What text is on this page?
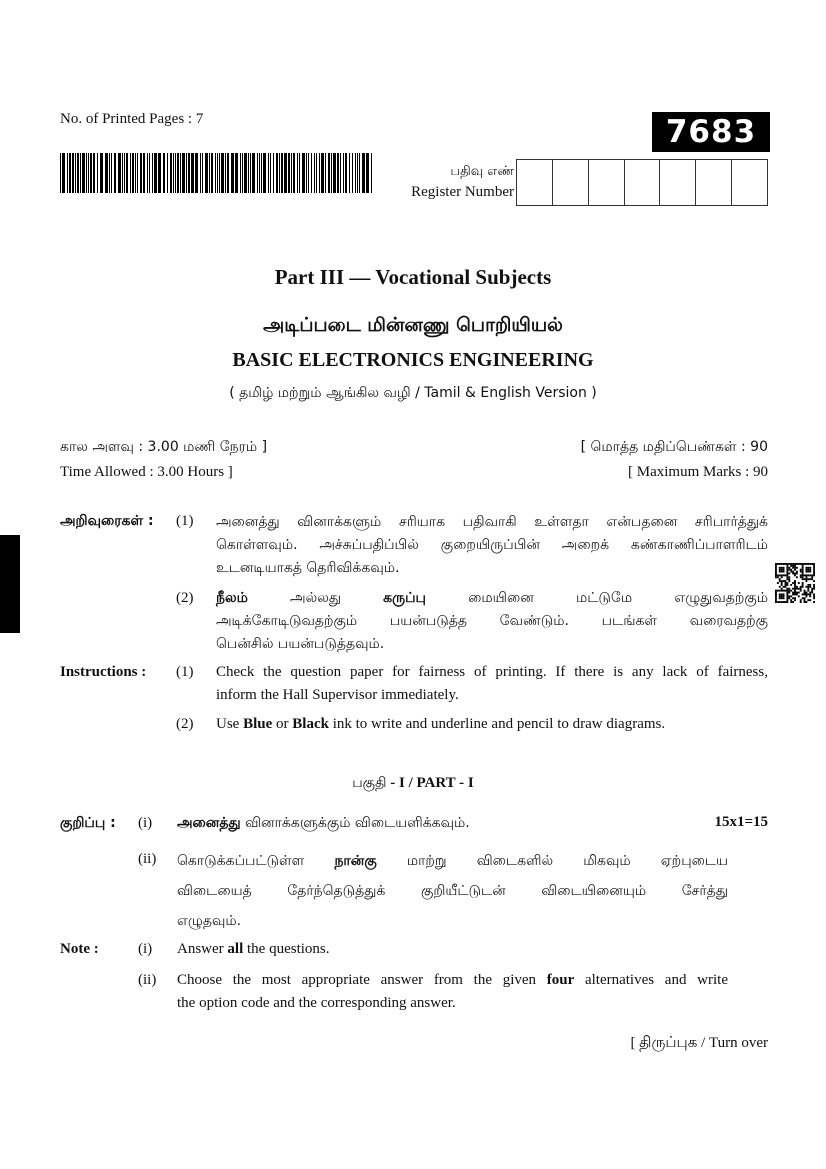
No. of Printed Pages : 7	7683
பதிவு எண்
Register Number
Part III — Vocational Subjects
அடிப்படை மின்னணு பொறியியல்
BASIC ELECTRONICS ENGINEERING
( தமிழ் மற்றும் ஆங்கில வழி / Tamil & English Version )
கால அளவு : 3.00 மணி நேரம் ]
Time Allowed : 3.00 Hours ]
[ மொத்த மதிப்பெண்கள் : 90
[ Maximum Marks : 90
அறிவுரைகள் : (1) அனைத்து வினாக்களும் சரியாக பதிவாகி உள்ளதா என்பதனை சரிபார்த்துக்
கொள்ளவும். அச்சுப்பதிப்பில் குறையிருப்பின் அறைக் கண்காணிப்பாளரிடம்
உடனடியாகத் தெரிவிக்கவும்.
(2) நீலம் அல்லது கருப்பு மையினை மட்டுமே எழுதுவதற்கும்
அடிக்கோடிடுவதற்கும் பயன்படுத்த வேண்டும். படங்கள் வரைவதற்கு
பென்சில் பயன்படுத்தவும்.
Instructions : (1) Check the question paper for fairness of printing. If there is any lack of fairness,
inform the Hall Supervisor immediately.
(2) Use Blue or Black ink to write and underline and pencil to draw diagrams.
பகுதி - I / PART - I
குறிப்பு : (i) அனைத்து வினாக்களுக்கும் விடையளிக்கவும்.	15x1=15
(ii) கொடுக்கப்பட்டுள்ள நான்கு மாற்று விடைகளில் மிகவும் ஏற்புடைய
விடையைத் தேர்ந்தெடுத்துக் குறியீட்டுடன் விடையினையும் சேர்த்து
எழுதவும்.
Note :	(i) Answer all the questions.
(ii) Choose the most appropriate answer from the given four alternatives and write
the option code and the corresponding answer.
[ திருப்புக / Turn over
